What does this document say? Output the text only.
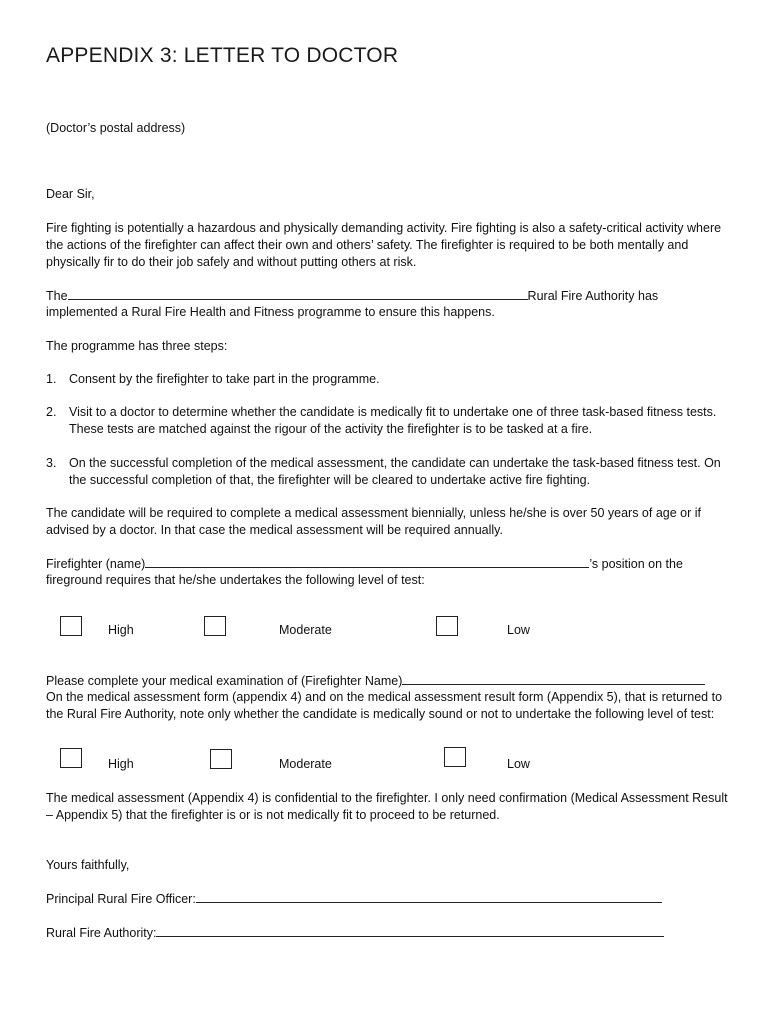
APPENDIX 3: LETTER TO DOCTOR
(Doctor’s postal address)
Dear Sir,
Fire fighting is potentially a hazardous and physically demanding activity. Fire fighting is also a safety-critical activity where the actions of the firefighter can affect their own and others’ safety. The firefighter is required to be both mentally and physically fir to do their job safely and without putting others at risk.
The	Rural Fire Authority has
implemented a Rural Fire Health and Fitness programme to ensure this happens.
The programme has three steps:
1. Consent by the firefighter to take part in the programme.
2. Visit to a doctor to determine whether the candidate is medically fit to undertake one of three task-based fitness tests. These tests are matched against the rigour of the activity the firefighter is to be tasked at a fire.
3. On the successful completion of the medical assessment, the candidate can undertake the task-based fitness test. On the successful completion of that, the firefighter will be cleared to undertake active fire fighting.
The candidate will be required to complete a medical assessment biennially, unless he/she is over 50 years of age or if advised by a doctor. In that case the medical assessment will be required annually.
Firefighter (name)	’s position on the
fireground requires that he/she undertakes the following level of test:
High	Moderate	Low
Please complete your medical examination of (Firefighter Name)
On the medical assessment form (appendix 4) and on the medical assessment result form (Appendix 5), that is returned to the Rural Fire Authority, note only whether the candidate is medically sound or not to undertake the following level of test:
High	Moderate	Low
The medical assessment (Appendix 4) is confidential to the firefighter. I only need confirmation (Medical Assessment Result – Appendix 5) that the firefighter is or is not medically fit to proceed to be returned.
Yours faithfully,
Principal Rural Fire Officer:
Rural Fire Authority:
